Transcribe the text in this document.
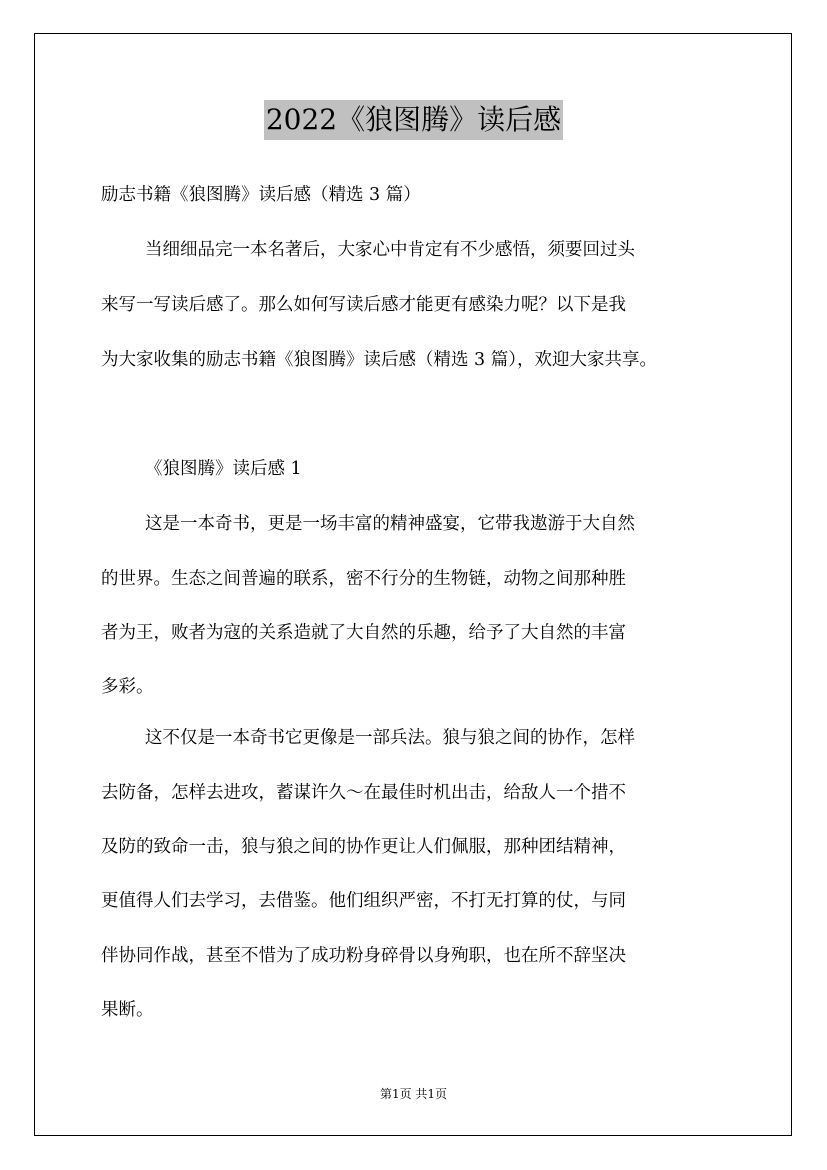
2022《狼图腾》读后感
励志书籍《狼图腾》读后感（精选 3 篇）
当细细品完一本名著后，大家心中肯定有不少感悟，须要回过头
来写一写读后感了。那么如何写读后感才能更有感染力呢？以下是我
为大家收集的励志书籍《狼图腾》读后感（精选 3 篇），欢迎大家共享。
《狼图腾》读后感 1
这是一本奇书，更是一场丰富的精神盛宴，它带我遨游于大自然
的世界。生态之间普遍的联系，密不行分的生物链，动物之间那种胜
者为王，败者为寇的关系造就了大自然的乐趣，给予了大自然的丰富
多彩。
这不仅是一本奇书它更像是一部兵法。狼与狼之间的协作，怎样
去防备，怎样去进攻，蓄谋许久～在最佳时机出击，给敌人一个措不
及防的致命一击，狼与狼之间的协作更让人们佩服，那种团结精神，
更值得人们去学习，去借鉴。他们组织严密，不打无打算的仗，与同
伴协同作战，甚至不惜为了成功粉身碎骨以身殉职，也在所不辞坚决
果断。
第1页 共1页
